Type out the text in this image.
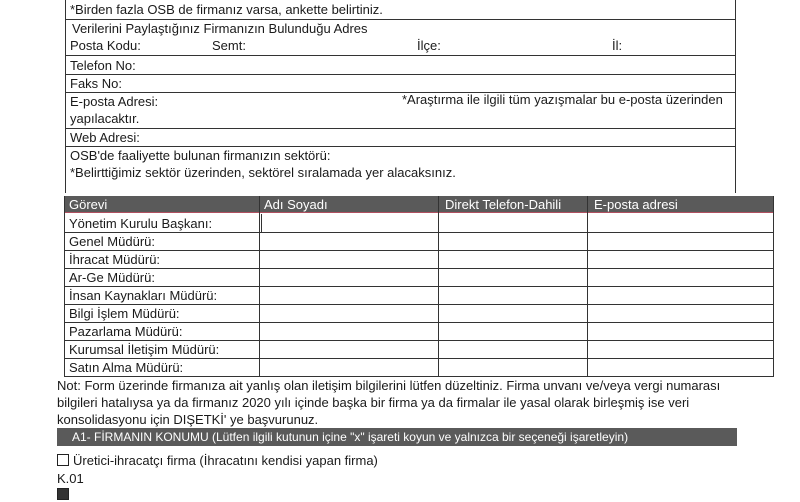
*Birden fazla OSB de firmanız varsa, ankette belirtiniz.
Verilerini Paylaştığınız Firmanızın Bulunduğu Adres
Posta Kodu:	Semt:	İlçe:	İl:
Telefon No:
Faks No:
E-posta Adresi:	*Araştırma ile ilgili tüm yazışmalar bu e-posta üzerinden
yapılacaktır.
Web Adresi:
OSB'de faaliyette bulunan firmanızın sektörü:
*Belirttiğimiz sektör üzerinden, sektörel sıralamada yer alacaksınız.
Görevi	Adı Soyadı	Direkt Telefon-Dahili	E-posta adresi
Yönetim Kurulu Başkanı:
Genel Müdürü:
İhracat Müdürü:
Ar-Ge Müdürü:
İnsan Kaynakları Müdürü:
Bilgi İşlem Müdürü:
Pazarlama Müdürü:
Kurumsal İletişim Müdürü:
Satın Alma Müdürü:
Not: Form üzerinde firmanıza ait yanlış olan iletişim bilgilerini lütfen düzeltiniz. Firma unvanı ve/veya vergi numarası
bilgileri hatalıysa ya da firmanız 2020 yılı içinde başka bir firma ya da firmalar ile yasal olarak birleşmiş ise veri
konsolidasyonu için DIŞETKİ' ye başvurunuz.
A1- FİRMANIN KONUMU (Lütfen ilgili kutunun içine "x" işareti koyun ve yalnızca bir seçeneği işaretleyin)
Üretici-ihracatçı firma (İhracatını kendisi yapan firma)
K.01
